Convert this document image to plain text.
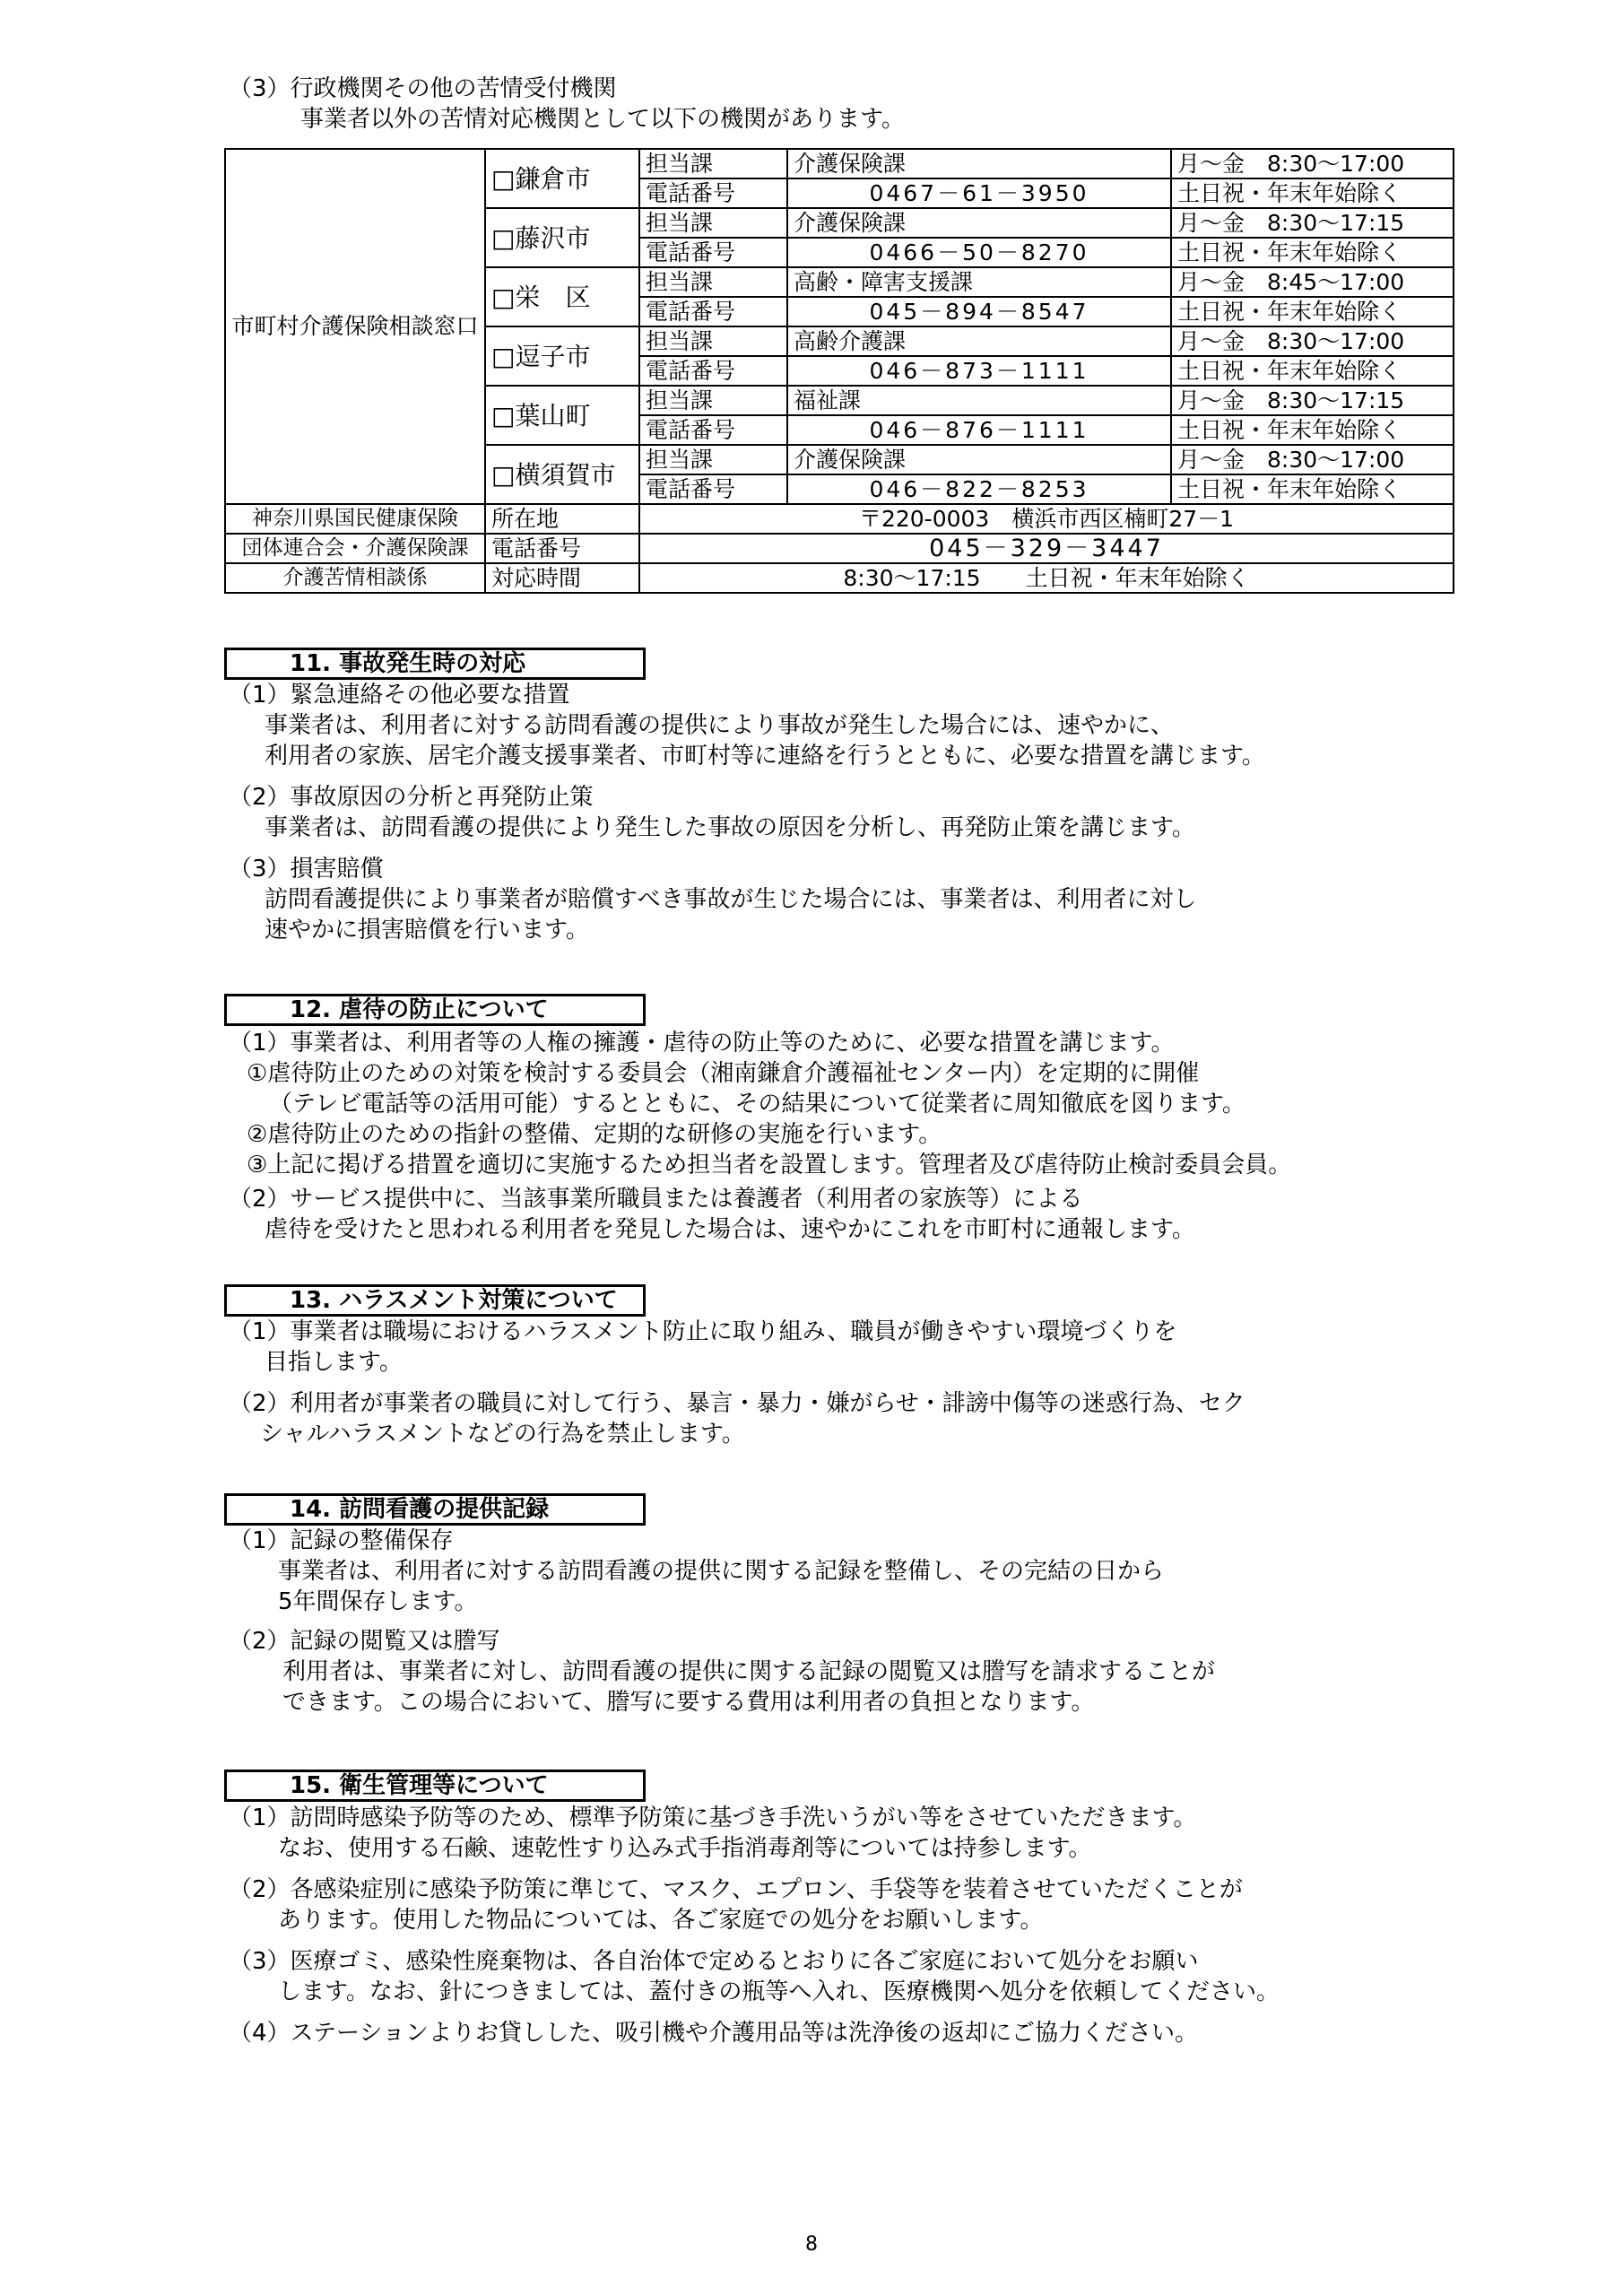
（3）行政機関その他の苦情受付機関
事業者以外の苦情対応機関として以下の機関があります。
市町村介護保険相談窓口	□鎌倉市	担当課	介護保険課	月～金　8:30～17:00
		電話番号	0467－61－3950	土日祝・年末年始除く
	□藤沢市	担当課	介護保険課	月～金　8:30～17:15
		電話番号	0466－50－8270	土日祝・年末年始除く
	□栄　区	担当課	高齢・障害支援課	月～金　8:45～17:00
		電話番号	045－894－8547	土日祝・年末年始除く
	□逗子市	担当課	高齢介護課	月～金　8:30～17:00
		電話番号	046－873－1111	土日祝・年末年始除く
	□葉山町	担当課	福祉課	月～金　8:30～17:15
		電話番号	046－876－1111	土日祝・年末年始除く
	□横須賀市	担当課	介護保険課	月～金　8:30～17:00
		電話番号	046－822－8253	土日祝・年末年始除く
神奈川県国民健康保険	所在地	〒220-0003　横浜市西区楠町27－1		
団体連合会・介護保険課	電話番号	045－329－3447		
介護苦情相談係	対応時間	8:30～17:15　　土日祝・年末年始除く		
11. 事故発生時の対応
（1）緊急連絡その他必要な措置
事業者は、利用者に対する訪問看護の提供により事故が発生した場合には、速やかに、
利用者の家族、居宅介護支援事業者、市町村等に連絡を行うとともに、必要な措置を講じます。
（2）事故原因の分析と再発防止策
事業者は、訪問看護の提供により発生した事故の原因を分析し、再発防止策を講じます。
（3）損害賠償
訪問看護提供により事業者が賠償すべき事故が生じた場合には、事業者は、利用者に対し
速やかに損害賠償を行います。
12. 虐待の防止について
（1）事業者は、利用者等の人権の擁護・虐待の防止等のために、必要な措置を講じます。
①虐待防止のための対策を検討する委員会（湘南鎌倉介護福祉センター内）を定期的に開催
（テレビ電話等の活用可能）するとともに、その結果について従業者に周知徹底を図ります。
②虐待防止のための指針の整備、定期的な研修の実施を行います。
③上記に掲げる措置を適切に実施するため担当者を設置します。管理者及び虐待防止検討委員会員。
（2）サービス提供中に、当該事業所職員または養護者（利用者の家族等）による
虐待を受けたと思われる利用者を発見した場合は、速やかにこれを市町村に通報します。
13. ハラスメント対策について
（1）事業者は職場におけるハラスメント防止に取り組み、職員が働きやすい環境づくりを
目指します。
（2）利用者が事業者の職員に対して行う、暴言・暴力・嫌がらせ・誹謗中傷等の迷惑行為、セク
シャルハラスメントなどの行為を禁止します。
14. 訪問看護の提供記録
（1）記録の整備保存
事業者は、利用者に対する訪問看護の提供に関する記録を整備し、その完結の日から
5年間保存します。
（2）記録の閲覧又は謄写
利用者は、事業者に対し、訪問看護の提供に関する記録の閲覧又は謄写を請求することが
できます。この場合において、謄写に要する費用は利用者の負担となります。
15. 衛生管理等について
（1）訪問時感染予防等のため、標準予防策に基づき手洗いうがい等をさせていただきます。
なお、使用する石鹸、速乾性すり込み式手指消毒剤等については持参します。
（2）各感染症別に感染予防策に準じて、マスク、エプロン、手袋等を装着させていただくことが
あります。使用した物品については、各ご家庭での処分をお願いします。
（3）医療ゴミ、感染性廃棄物は、各自治体で定めるとおりに各ご家庭において処分をお願い
します。なお、針につきましては、蓋付きの瓶等へ入れ、医療機関へ処分を依頼してください。
（4）ステーションよりお貸しした、吸引機や介護用品等は洗浄後の返却にご協力ください。
8
